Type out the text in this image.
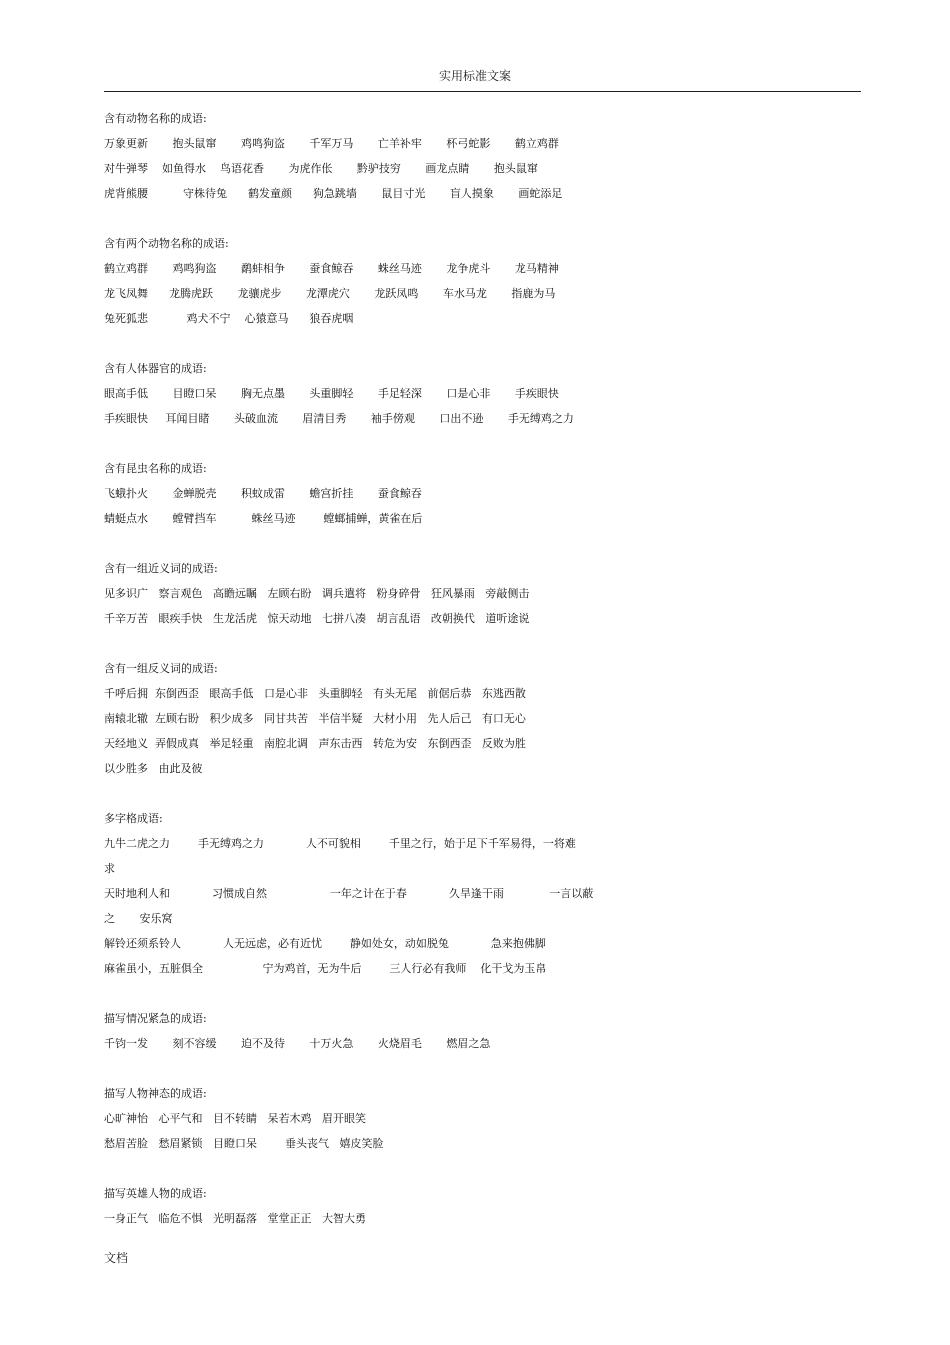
实用标准文案
含有动物名称的成语:
万象更新       抱头鼠窜       鸡鸣狗盗       千军万马       亡羊补牢       杯弓蛇影       鹤立鸡群
对牛弹琴    如鱼得水    鸟语花香       为虎作伥       黔驴技穷       画龙点睛       抱头鼠窜
虎背熊腰          守株待兔      鹤发童颜      狗急跳墙       鼠目寸光       盲人摸象       画蛇添足
含有两个动物名称的成语:
鹤立鸡群       鸡鸣狗盗       鹬蚌相争       蚕食鲸吞       蛛丝马迹       龙争虎斗       龙马精神
龙飞凤舞      龙腾虎跃       龙骧虎步       龙潭虎穴       龙跃凤鸣       车水马龙       指鹿为马
兔死狐悲           鸡犬不宁    心猿意马      狼吞虎咽
含有人体器官的成语:
眼高手低       目瞪口呆       胸无点墨       头重脚轻       手足轻深       口是心非       手疾眼快
手疾眼快     耳闻目睹       头破血流       眉清目秀       袖手傍观       口出不逊       手无缚鸡之力
含有昆虫名称的成语:
飞蛾扑火       金蝉脱壳       积蚊成雷       蟾宫折挂       蚕食鲸吞
蜻蜓点水       螳臂挡车          蛛丝马迹        螳螂捕蝉，黄雀在后
含有一组近义词的成语:
见多识广   察言观色   高瞻远瞩   左顾右盼   调兵遣将   粉身碎骨   狂风暴雨   旁敲侧击
千辛万苦   眼疾手快   生龙活虎   惊天动地   七拼八凑   胡言乱语   改朝换代   道听途说
含有一组反义词的成语:
千呼后拥  东倒西歪   眼高手低   口是心非   头重脚轻   有头无尾   前倨后恭   东逃西散
南辕北辙  左顾右盼   积少成多   同甘共苦   半信半疑   大材小用   先人后己   有口无心
天经地义  弄假成真   举足轻重   南腔北调   声东击西   转危为安   东倒西歪   反败为胜
以少胜多   由此及彼
多字格成语:
九牛二虎之力        手无缚鸡之力            人不可貌相        千里之行，始于足下千军易得，一将难
求
天时地利人和            习惯成自然                  一年之计在于春            久旱逢干雨             一言以蔽
之       安乐窝
解铃还须系铃人            人无远虑，必有近忧        静如处女，动如脱兔            急来抱佛脚
麻雀虽小，五脏俱全                 宁为鸡首，无为牛后        三人行必有我师    化干戈为玉帛
描写情况紧急的成语:
千钧一发       刻不容缓       迫不及待       十万火急       火烧眉毛       燃眉之急
描写人物神态的成语:
心旷神怡   心平气和   目不转睛   呆若木鸡   眉开眼笑
愁眉苦脸   愁眉紧锁   目瞪口呆        垂头丧气   嬉皮笑脸
描写英雄人物的成语:
一身正气   临危不惧   光明磊落   堂堂正正   大智大勇
文档
